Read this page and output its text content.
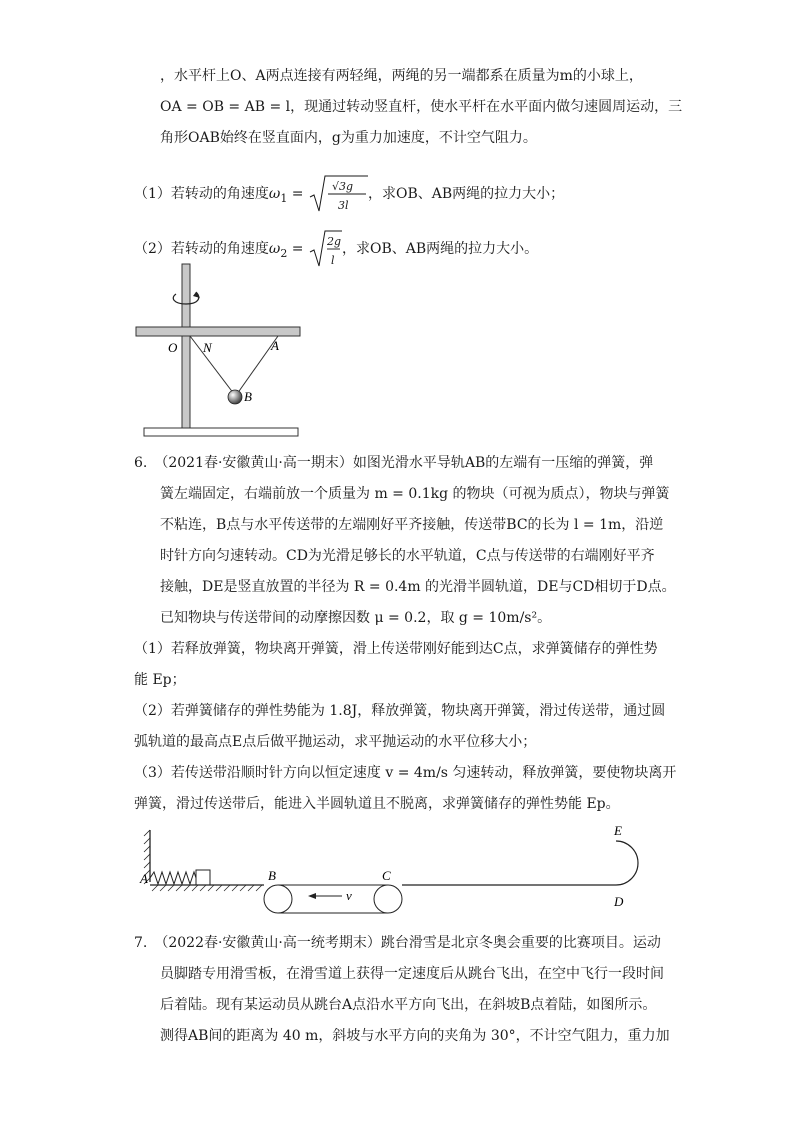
，水平杆上O、A两点连接有两轻绳，两绳的另一端都系在质量为m的小球上，
OA = OB = AB = l，现通过转动竖直杆，使水平杆在水平面内做匀速圆周运动，三
角形OAB始终在竖直面内，g为重力加速度，不计空气阻力。
（1）若转动的角速度$\omega_1 = √3g$
3l
，求OB、AB两绳的拉力大小；
（2）若转动的角速度$\omega_2 = 2g$
l
，求OB、AB两绳的拉力大小。
O N	A
B
6.　（2021春·安徽黄山·高一期末）如图光滑水平导轨AB的左端有一压缩的弹簧，弹
簧左端固定，右端前放一个质量为 m = 0.1kg 的物块（可视为质点），物块与弹簧
不粘连，B点与水平传送带的左端刚好平齐接触，传送带BC的长为 l = 1m，沿逆
时针方向匀速转动。CD为光滑足够长的水平轨道，C点与传送带的右端刚好平齐
接触，DE是竖直放置的半径为 R = 0.4m 的光滑半圆轨道，DE与CD相切于D点。
已知物块与传送带间的动摩擦因数 μ = 0.2，取 g = 10m/s²。
（1）若释放弹簧，物块离开弹簧，滑上传送带刚好能到达C点，求弹簧储存的弹性势
能 Ep；
（2）若弹簧储存的弹性势能为 1.8J，释放弹簧，物块离开弹簧，滑过传送带，通过圆
弧轨道的最高点E点后做平抛运动，求平抛运动的水平位移大小；
（3）若传送带沿顺时针方向以恒定速度 v = 4m/s 匀速转动，释放弹簧，要使物块离开
弹簧，滑过传送带后，能进入半圆轨道且不脱离，求弹簧储存的弹性势能 Ep。
A	B	C
D
E
v
7.　（2022春·安徽黄山·高一统考期末）跳台滑雪是北京冬奥会重要的比赛项目。运动
员脚踏专用滑雪板，在滑雪道上获得一定速度后从跳台飞出，在空中飞行一段时间
后着陆。现有某运动员从跳台A点沿水平方向飞出，在斜坡B点着陆，如图所示。
测得AB间的距离为 40 m，斜坡与水平方向的夹角为 30°，不计空气阻力，重力加
